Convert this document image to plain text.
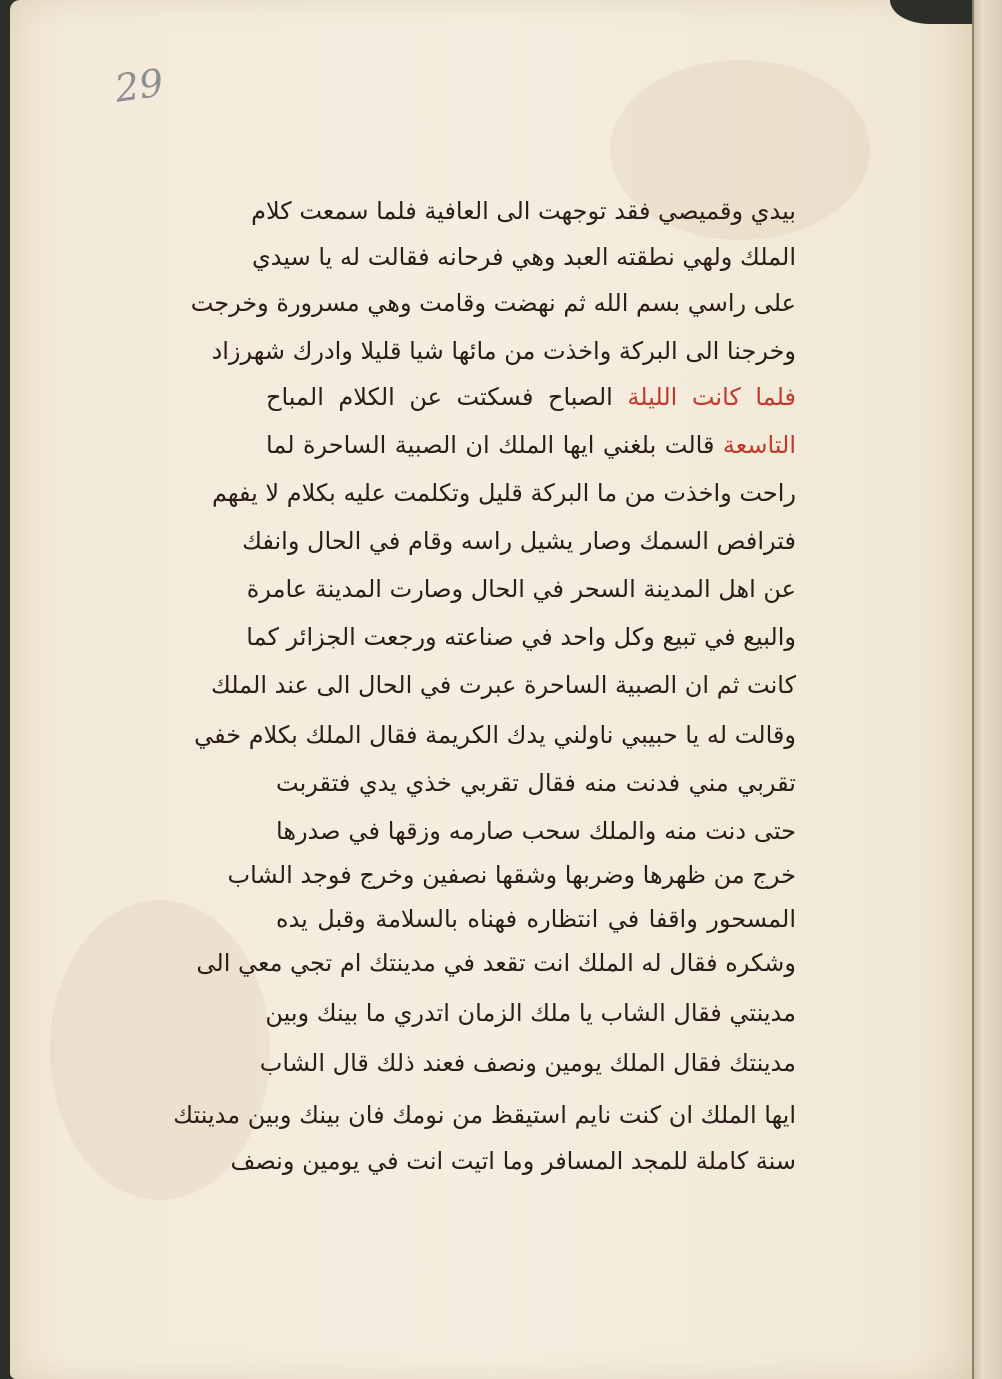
29
بيدي وقميصي فقد توجهت الى العافية فلما سمعت كلام
الملك ولهي نطقته العبد وهي فرحانه فقالت له يا سيدي
على راسي بسم الله ثم نهضت وقامت وهي مسرورة وخرجت
وخرجنا الى البركة واخذت من مائها شيا قليلا وادرك شهرزاد
فلما كانت الليلة الصباح فسكتت عن الكلام المباح
التاسعة قالت بلغني ايها الملك ان الصبية الساحرة لما
راحت واخذت من ما البركة قليل وتكلمت عليه بكلام لا يفهم
فترافص السمك وصار يشيل راسه وقام في الحال وانفك
عن اهل المدينة السحر في الحال وصارت المدينة عامرة
والبيع في تبيع وكل واحد في صناعته ورجعت الجزائر كما
كانت ثم ان الصبية الساحرة عبرت في الحال الى عند الملك
وقالت له يا حبيبي ناولني يدك الكريمة فقال الملك بكلام خفي
تقربي مني فدنت منه فقال تقربي خذي يدي فتقربت
حتى دنت منه والملك سحب صارمه وزقها في صدرها
خرج من ظهرها وضربها وشقها نصفين وخرج فوجد الشاب
المسحور واقفا في انتظاره فهناه بالسلامة وقبل يده
وشكره فقال له الملك انت تقعد في مدينتك ام تجي معي الى
مدينتي فقال الشاب يا ملك الزمان اتدري ما بينك وبين
مدينتك فقال الملك يومين ونصف فعند ذلك قال الشاب
ايها الملك ان كنت نايم استيقظ من نومك فان بينك وبين مدينتك
سنة كاملة للمجد المسافر وما اتيت انت في يومين ونصف
